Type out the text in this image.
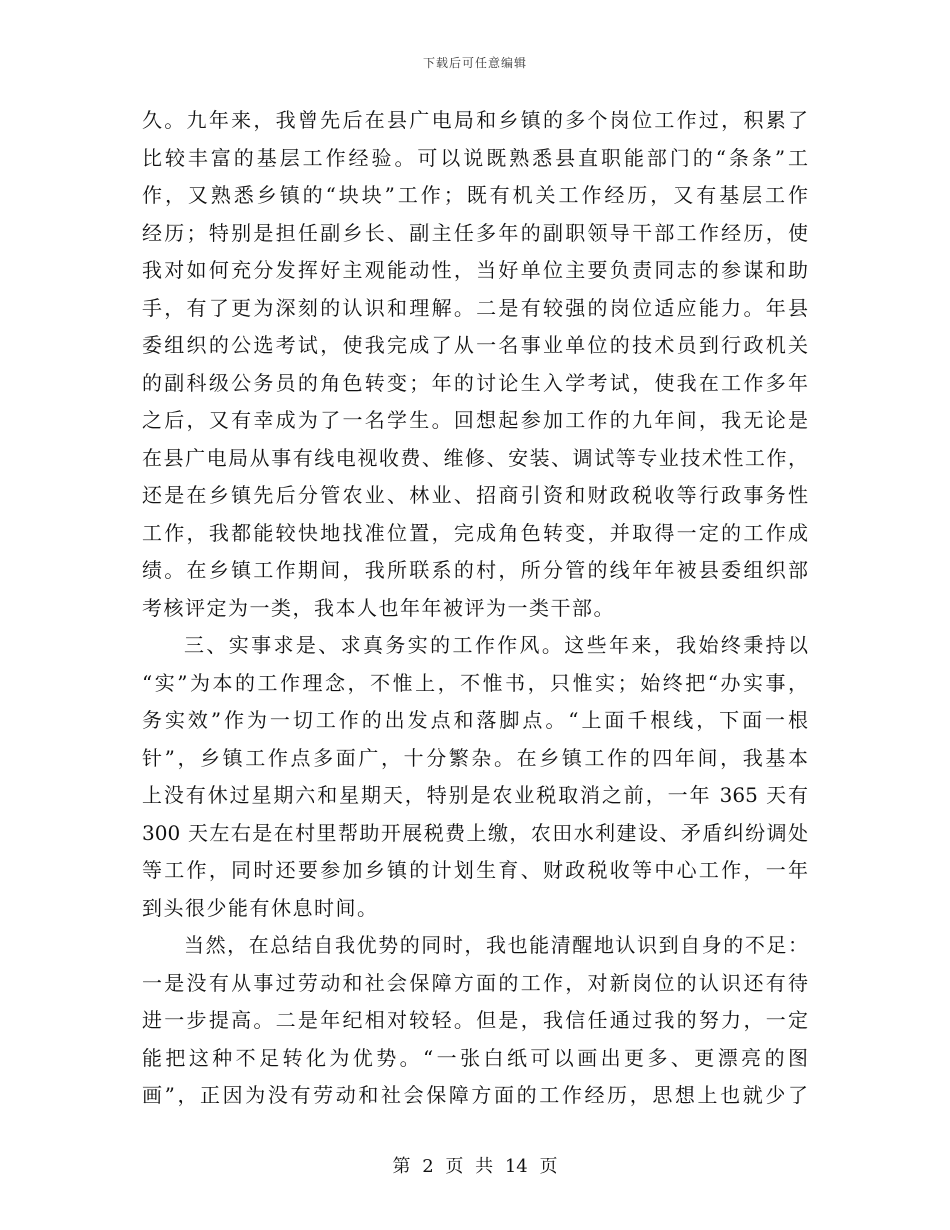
下载后可任意编辑
久。九年来，我曾先后在县广电局和乡镇的多个岗位工作过，积累了
比较丰富的基层工作经验。可以说既熟悉县直职能部门的“条条”工
作，又熟悉乡镇的“块块”工作；既有机关工作经历，又有基层工作
经历；特别是担任副乡长、副主任多年的副职领导干部工作经历，使
我对如何充分发挥好主观能动性，当好单位主要负责同志的参谋和助
手，有了更为深刻的认识和理解。二是有较强的岗位适应能力。年县
委组织的公选考试，使我完成了从一名事业单位的技术员到行政机关
的副科级公务员的角色转变；年的讨论生入学考试，使我在工作多年
之后，又有幸成为了一名学生。回想起参加工作的九年间，我无论是
在县广电局从事有线电视收费、维修、安装、调试等专业技术性工作，
还是在乡镇先后分管农业、林业、招商引资和财政税收等行政事务性
工作，我都能较快地找准位置，完成角色转变，并取得一定的工作成
绩。在乡镇工作期间，我所联系的村，所分管的线年年被县委组织部
考核评定为一类，我本人也年年被评为一类干部。
三、实事求是、求真务实的工作作风。这些年来，我始终秉持以
“实”为本的工作理念，不惟上，不惟书，只惟实；始终把“办实事，
务实效”作为一切工作的出发点和落脚点。“上面千根线，下面一根
针”，乡镇工作点多面广，十分繁杂。在乡镇工作的四年间，我基本
上没有休过星期六和星期天，特别是农业税取消之前，一年 365 天有
300 天左右是在村里帮助开展税费上缴，农田水利建设、矛盾纠纷调处
等工作，同时还要参加乡镇的计划生育、财政税收等中心工作，一年
到头很少能有休息时间。
当然，在总结自我优势的同时，我也能清醒地认识到自身的不足：
一是没有从事过劳动和社会保障方面的工作，对新岗位的认识还有待
进一步提高。二是年纪相对较轻。但是，我信任通过我的努力，一定
能把这种不足转化为优势。“一张白纸可以画出更多、更漂亮的图
画”，正因为没有劳动和社会保障方面的工作经历，思想上也就少了
第 2 页 共 14 页
